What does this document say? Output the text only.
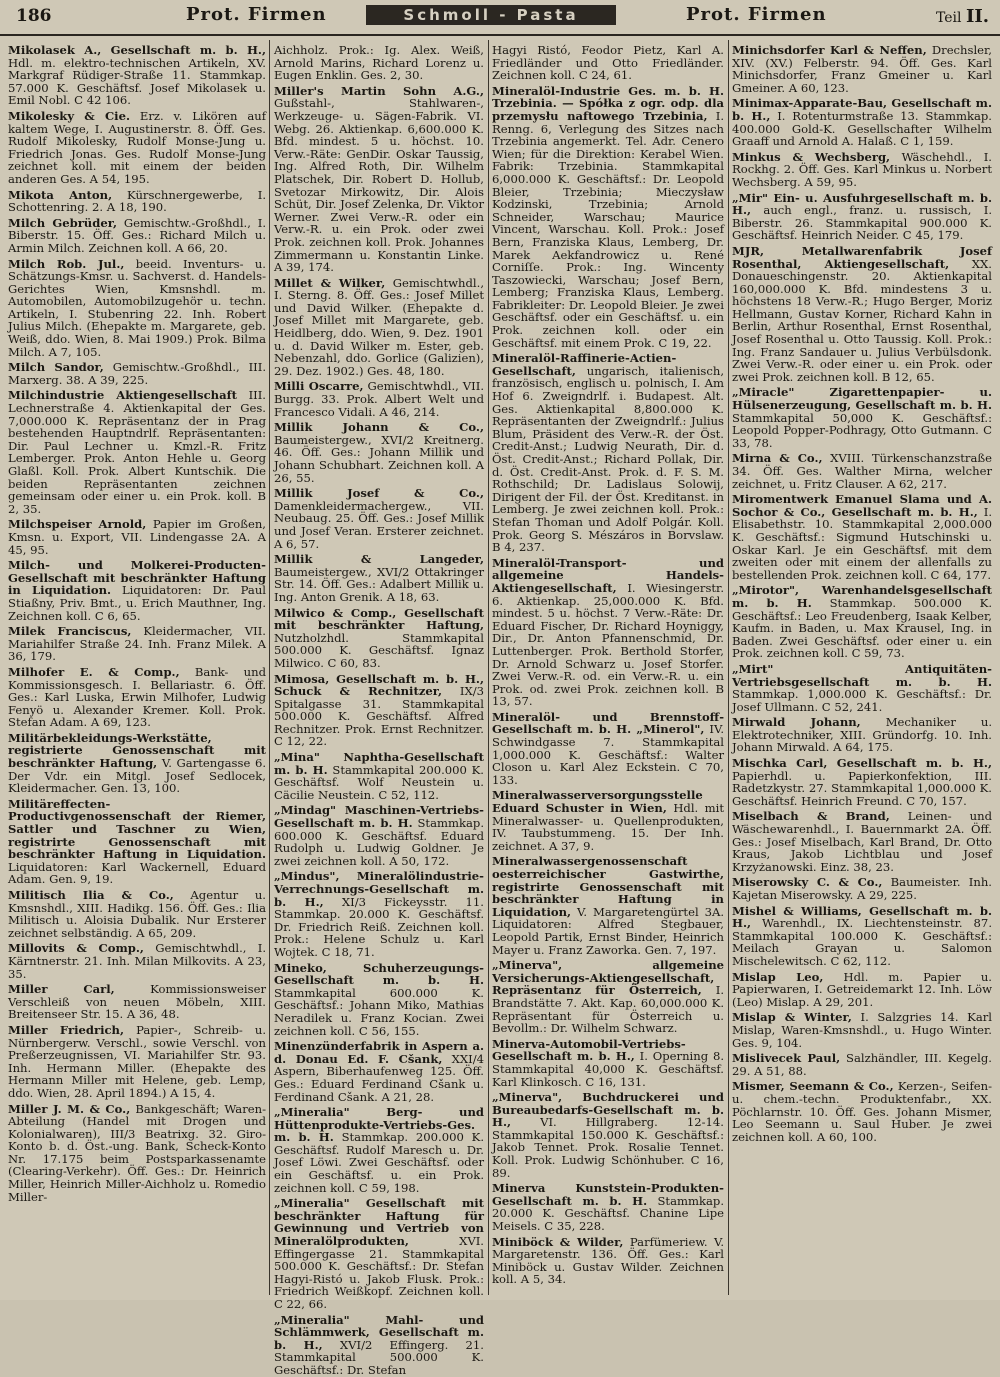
186	Prot. Firmen	Schmoll - Pasta	Prot. Firmen	Teil II.
Mikolasek A., Gesellschaft m. b. H., Hdl. m. elektro-technischen Artikeln, XV. Markgraf Rüdiger-Straße 11. Stammkap. 57.000 K. Geschäftsf. Josef Mikolasek u. Emil Nobl. C 42 106.
Mikolesky & Cie. Erz. v. Likören auf kaltem Wege, I. Augustinerstr. 8. Öff. Ges. Rudolf Mikolesky, Rudolf Monse-Jung u. Friedrich Jonas. Ges. Rudolf Monse-Jung zeichnet koll. mit einem der beiden anderen Ges. A 54, 195.
Mikota Anton, Kürschnergewerbe, I. Schottenring. 2. A 18, 190.
Milch Gebrüder, Gemischtw.-Großhdl., I. Biberstr. 15. Öff. Ges.: Richard Milch u. Armin Milch. Zeichnen koll. A 66, 20.
Milch Rob. Jul., beeid. Inventurs- u. Schätzungs-Kmsr. u. Sachverst. d. Handels-Gerichtes Wien, Kmsnshdl. m. Automobilen, Automobilzugehör u. techn. Artikeln, I. Stubenring 22. Inh. Robert Julius Milch. (Ehepakte m. Margarete, geb. Weiß, ddo. Wien, 8. Mai 1909.) Prok. Bilma Milch. A 7, 105.
Milch Sandor, Gemischtw.-Großhdl., III. Marxerg. 38. A 39, 225.
Milchindustrie Aktiengesellschaft III. Lechnerstraße 4. Aktienkapital der Ges. 7,000.000 K. Repräsentanz der in Prag bestehenden Hauptndrlf. Repräsentanten: Dir. Paul Lechner u. Kmzl.-R. Fritz Lemberger. Prok. Anton Hehle u. Georg Glaßl. Koll. Prok. Albert Kuntschik. Die beiden Repräsentanten zeichnen gemeinsam oder einer u. ein Prok. koll. B 2, 35.
Milchspeiser Arnold, Papier im Großen, Kmsn. u. Export, VII. Lindengasse 2A. A 45, 95.
Milch- und Molkerei-Producten-Gesellschaft mit beschränkter Haftung in Liquidation. Liquidatoren: Dr. Paul Stiaßny, Priv. Bmt., u. Erich Mauthner, Ing. Zeichnen koll. C 6, 65.
Milek Franciscus, Kleidermacher, VII. Mariahilfer Straße 24. Inh. Franz Milek. A 36, 179.
Milhofer E. & Comp., Bank- und Kommissionsgesch. I. Bellariastr. 6. Öff. Ges.: Karl Luska, Erwin Milhofer, Ludwig Fenyö u. Alexander Kremer. Koll. Prok. Stefan Adam. A 69, 123.
Militärbekleidungs-Werkstätte, registrierte Genossenschaft mit beschränkter Haftung, V. Gartengasse 6. Der Vdr. ein Mitgl. Josef Sedlocek, Kleidermacher. Gen. 13, 100.
Militäreffecten-Productivgenossenschaft der Riemer, Sattler und Taschner zu Wien, registrirte Genossenschaft mit beschränkter Haftung in Liquidation. Liquidatoren: Karl Wackernell, Eduard Adam. Gen. 9, 19.
Militisch Ilia & Co., Agentur u. Kmsnshdl., XIII. Hadikg. 156. Öff. Ges.: Ilia Militisch u. Aloisia Dubalik. Nur Ersterer zeichnet selbständig. A 65, 209.
Millovits & Comp., Gemischtwhdl., I. Kärntnerstr. 21. Inh. Milan Milkovits. A 23, 35.
Miller Carl,	Kommissionsweiser Verschleiß von neuen Möbeln, XIII. Breitenseer Str. 15. A 36, 48.
Miller Friedrich, Papier-, Schreib- u. Nürnbergerw. Verschl., sowie Verschl. von Preßerzeugnissen, VI. Mariahilfer Str. 93. Inh. Hermann Miller. (Ehepakte des Hermann Miller mit Helene, geb. Lemp, ddo. Wien, 28. April 1894.) A 15, 4.
Miller J. M. & Co., Bankgeschäft; Waren-Abteilung (Handel mit Drogen und Kolonialwaren), III/3 Beatrixg. 32. Giro-Konto b. d. Öst.-ung. Bank, Scheck-Konto Nr. 17.175 beim Postsparkassenamte (Clearing-Verkehr). Öff. Ges.: Dr. Heinrich Miller, Heinrich Miller-Aichholz u. Romedio Miller-
Aichholz. Prok.: Ig. Alex. Weiß, Arnold Marins, Richard Lorenz u. Eugen Enklin. Ges. 2, 30.
Miller's Martin Sohn A.G., Gußstahl-, Stahlwaren-, Werkzeuge- u. Sägen-Fabrik. VI. Webg. 26. Aktienkap. 6,600.000 K. Bfd. mindest. 5 u. höchst. 10. Verw.-Räte: GenDir. Oskar Taussig, Ing. Alfred Roth, Dir. Wilhelm Platschek, Dir. Robert D. Hollub, Svetozar Mirkowitz, Dir. Alois Schüt, Dir. Josef Zelenka, Dr. Viktor Werner. Zwei Verw.-R. oder ein Verw.-R. u. ein Prok. oder zwei Prok. zeichnen koll. Prok. Johannes Zimmermann u. Konstantin Linke. A 39, 174.
Millet & Wilker, Gemischtwhdl., I. Sterng. 8. Öff. Ges.: Josef Millet und David Wilker. (Ehepakte d. Josef Millet mit Margarete, geb. Heidlberg, ddo. Wien, 9. Dez. 1901 u. d. David Wilker m. Ester, geb. Nebenzahl, ddo. Gorlice (Galizien), 29. Dez. 1902.) Ges. 48, 180.
Milli Oscarre, Gemischtwhdl., VII. Burgg. 33. Prok. Albert Welt und Francesco Vidali. A 46, 214.
Millik Johann & Co., Baumeistergew., XVI/2 Kreitnerg. 46. Öff. Ges.: Johann Millik und Johann Schubhart. Zeichnen koll. A 26, 55.
Millik Josef & Co., Damenkleidermachergew., VII. Neubaug. 25. Öff. Ges.: Josef Millik und Josef Veran. Ersterer zeichnet. A 6, 57.
Millik & Langeder, Baumeistergew., XVI/2 Ottakringer Str. 14. Öff. Ges.: Adalbert Millik u. Ing. Anton Grenik. A 18, 63.
Milwico & Comp., Gesellschaft mit beschränkter Haftung, Nutzholzhdl. Stammkapital 500.000 K. Geschäftsf. Ignaz Milwico. C 60, 83.
Mimosa, Gesellschaft m. b. H., Schuck & Rechnitzer, IX/3 Spitalgasse 31. Stammkapital 500.000 K. Geschäftsf. Alfred Rechnitzer. Prok. Ernst Rechnitzer. C 12, 22.
„Mina" Naphtha-Gesellschaft m. b. H. Stammkapital 200.000 K. Geschäftsf. Wolf Neustein u. Cäcilie Neustein. C 52, 112.
„Mindag" Maschinen-Vertriebs-Gesellschaft m. b. H. Stammkap. 600.000 K. Geschäftsf. Eduard Rudolph u. Ludwig Goldner. Je zwei zeichnen koll. A 50, 172.
„Mindus", Mineralölindustrie-Verrechnungs-Gesellschaft m. b. H., XI/3 Fickeysstr. 11. Stammkap. 20.000 K. Geschäftsf. Dr. Friedrich Reiß. Zeichnen koll. Prok.: Helene Schulz u. Karl Wojtek. C 18, 71.
Mineko, Schuherzeugungs-Gesellschaft m. b. H. Stammkapital 600.000 K. Geschäftsf.: Johann Miko, Mathias Neradilek u. Franz Kocian. Zwei zeichnen koll. C 56, 155.
Minenzünderfabrik in Aspern a. d. Donau Ed. F. Cšank, XXI/4 Aspern, Biberhaufenweg 125. Öff. Ges.: Eduard Ferdinand Cšank u. Ferdinand Cšank. A 21, 28.
„Mineralia" Berg- und Hüttenprodukte-Vertriebs-Ges. m. b. H. Stammkap. 200.000 K. Geschäftsf. Rudolf Maresch u. Dr. Josef Löwi. Zwei Geschäftsf. oder ein Geschäftsf. u. ein Prok. zeichnen koll. C 59, 198.
„Mineralia" Gesellschaft mit beschränkter Haftung für Gewinnung und Vertrieb von Mineralölprodukten,	XVI. Effingergasse 21. Stammkapital 500.000 K. Geschäftsf.: Dr. Stefan Hagyi-Ristó u. Jakob Flusk. Prok.: Friedrich Weißkopf. Zeichnen koll. C 22, 66.
„Mineralia" Mahl- und Schlämmwerk, Gesellschaft m. b. H., XVI/2 Effingerg. 21. Stammkapital 500.000 K. Geschäftsf.: Dr. Stefan
Hagyi Ristó, Feodor Pietz, Karl A. Friedländer und Otto Friedländer. Zeichnen koll. C 24, 61.
Mineralöl-Industrie Ges. m. b. H. Trzebinia. — Spółka z ogr. odp. dla przemysłu naftowego Trzebinia, I. Renng. 6, Verlegung des Sitzes nach Trzebinia angemerkt. Tel. Adr. Cenero Wien; für die Direktion: Kerabel Wien. Fabrik: Trzebinia. Stammkapital 6,000.000 K. Geschäftsf.: Dr. Leopold Bleier, Trzebinia; Mieczysław Kodzinski, Trzebinia; Arnold Schneider, Warschau; Maurice Vincent, Warschau. Koll. Prok.: Josef Bern, Franziska Klaus, Lemberg, Dr. Marek Aekfandrowicz u. René Corniſſe. Prok.: Ing. Wincenty Taszowiecki, Warschau; Josef Bern, Lemberg; Franziska Klaus, Lemberg. Fabrikleiter: Dr. Leopold Bleier. Je zwei Geschäftsf. oder ein Geschäftsf. u. ein Prok. zeichnen koll. oder ein Geschäftsf. mit einem Prok. C 19, 22.
Mineralöl-Raffinerie-Actien-Gesellschaft, ungarisch, italienisch, französisch, englisch u. polnisch, I. Am Hof 6. Zweigndrlf. i. Budapest. Alt. Ges. Aktienkapital 8,800.000 K. Repräsentanten der Zweigndrlf.: Julius Blum, Präsident des Verw.-R. der Öst. Credit-Anst.; Ludwig Neurath, Dir. d. Öst. Credit-Anst.; Richard Pollak, Dir. d. Öst. Credit-Anst. Prok. d. F. S. M. Rothschild; Dr. Ladislaus Solowij, Dirigent der Fil. der Öst. Kreditanst. in Lemberg. Je zwei zeichnen koll. Prok.: Stefan Thoman und Adolf Polgár. Koll. Prok. Georg S. Mészáros in Borvslaw. B 4, 237.
Mineralöl-Transport- und allgemeine Handels-Aktiengesellschaft, I. Wiesingerstr. 6. Aktienkap. 25,000.000 K. Bfd. mindest. 5 u. höchst. 7 Verw.-Räte: Dr. Eduard Fischer, Dr. Richard Hoyniggy, Dir., Dr. Anton Pfannenschmid, Dr. Luttenberger. Prok. Berthold Storfer, Dr. Arnold Schwarz u. Josef Storfer. Zwei Verw.-R. od. ein Verw.-R. u. ein Prok. od. zwei Prok. zeichnen koll. B 13, 57.
Mineralöl- und Brennstoff-Gesellschaft m. b. H. „Minerol", IV. Schwindgasse 7. Stammkapital 1,000.000 K. Geschäftsf.: Walter Closon u. Karl Alez Eckstein. C 70, 133.
Mineralwasserversorgungsstelle Eduard Schuster in Wien, Hdl. mit Mineralwasser- u. Quellenprodukten, IV. Taubstummeng. 15. Der Inh. zeichnet. A 37, 9.
Mineralwassergenossenschaft oesterreichischer Gastwirthe, registrirte Genossenschaft mit beschränkter Haftung in Liquidation, V. Margaretengürtel 3A. Liquidatoren: Alfred Stegbauer, Leopold Partik, Ernst Binder, Heinrich Mayer u. Franz Zaworka. Gen. 7, 197.
„Minerva", allgemeine Versicherungs-Aktiengesellschaft, Repräsentanz für Österreich, I. Brandstätte 7. Akt. Kap. 60,000.000 K. Repräsentant für Österreich u. Bevollm.: Dr. Wilhelm Schwarz.
Minerva-Automobil-Vertriebs-Gesellschaft m. b. H., I. Operning 8. Stammkapital 40,000 K. Geschäftsf. Karl Klinkosch. C 16, 131.
„Minerva", Buchdruckerei und Bureaubedarfs-Gesellschaft m. b. H.,	VI. Hillgraberg. 12-14. Stammkapital 150.000 K. Geschäftsf.: Jakob Tennet. Prok. Rosalie Tennet. Koll. Prok. Ludwig Schönhuber. C 16, 89.
Minerva Kunststein-Produkten-Gesellschaft m. b. H. Stammkap. 20.000 K. Geschäftsf. Chanine Lipe Meisels. C 35, 228.
Miniböck & Wilder, Parfümeriew. V. Margaretenstr. 136. Öff. Ges.: Karl Miniböck u. Gustav Wilder. Zeichnen koll. A 5, 34.
Minichsdorfer Karl & Neffen, Drechsler, XIV. (XV.) Felberstr. 94. Öff. Ges. Karl Minichsdorfer, Franz Gmeiner u. Karl Gmeiner. A 60, 123.
Minimax-Apparate-Bau, Gesellschaft m. b. H., I. Rotenturmstraße 13. Stammkap. 400.000 Gold-K. Gesellschafter Wilhelm Graaff und Arnold A. Halaß. C 1, 159.
Minkus & Wechsberg, Wäschehdl., I. Rockhg. 2. Öff. Ges. Karl Minkus u. Norbert Wechsberg. A 59, 95.
„Mir" Ein- u. Ausfuhrgesellschaft m. b. H., auch engl., franz. u. russisch, I. Biberstr. 26. Stammkapital 900.000 K. Geschäftsf. Heinrich Neider. C 45, 179.
MJR, Metallwarenfabrik Josef Rosenthal, Aktiengesellschaft, XX. Donaueschingenstr. 20. Aktienkapital 160,000.000 K. Bfd. mindestens 3 u. höchstens 18 Verw.-R.; Hugo Berger, Moriz Hellmann, Gustav Korner, Richard Kahn in Berlin, Arthur Rosenthal, Ernst Rosenthal, Josef Rosenthal u. Otto Taussig. Koll. Prok.: Ing. Franz Sandauer u. Julius Verbülsdonk. Zwei Verw.-R. oder einer u. ein Prok. oder zwei Prok. zeichnen koll. B 12, 65.
„Miracle" Zigarettenpapier- u. Hülsenerzeugung, Gesellschaft m. b. H. Stammkapital 50,000 K. Geschäftsf.: Leopold Popper-Podhragy, Otto Gutmann. C 33, 78.
Mirna & Co., XVIII. Türkenschanzstraße 34. Öff. Ges. Walther Mirna, welcher zeichnet, u. Fritz Clauser. A 62, 217.
Miromentwerk Emanuel Slama und A. Sochor & Co., Gesellschaft m. b. H., I. Elisabethstr. 10. Stammkapital 2,000.000 K. Geschäftsf.: Sigmund Hutschinski u. Oskar Karl. Je ein Geschäftsf. mit dem zweiten oder mit einem der allenfalls zu bestellenden Prok. zeichnen koll. C 64, 177.
„Mirotor", Warenhandelsgesellschaft m. b. H. Stammkap. 500.000 K. Geschäftsf.: Leo Freudenberg, Isaak Kelber, Kaufm. in Baden, u. Max Krausel, Ing. in Baden. Zwei Geschäftsf. oder einer u. ein Prok. zeichnen koll. C 59, 73.
„Mirt" Antiquitäten-Vertriebsgesellschaft m. b. H. Stammkap. 1,000.000 K. Geschäftsf.: Dr. Josef Ullmann. C 52, 241.
Mirwald Johann, Mechaniker u. Elektrotechniker, XIII. Gründorfg. 10. Inh. Johann Mirwald. A 64, 175.
Mischka Carl, Gesellschaft m. b. H., Papierhdl. u. Papierkonfektion, III. Radetzkystr. 27. Stammkapital 1,000.000 K. Geschäftsf. Heinrich Freund. C 70, 157.
Miselbach & Brand, Leinen- und Wäschewarenhdl., I. Bauernmarkt 2A. Öff. Ges.: Josef Miselbach, Karl Brand, Dr. Otto Kraus, Jakob Lichtblau und Josef Krzyżanowski. Einz. 38, 23.
Miserowsky C. & Co., Baumeister. Inh. Kajetan Miserowsky. A 29, 225.
Mishel & Williams, Gesellschaft m. b. H., Warenhdl., IX. Liechtensteinstr. 87. Stammkapital 100.000 K. Geschäftsf.: Meilach Grayan u. Salomon Mischelewitsch. C 62, 112.
Mislap Leo, Hdl. m. Papier u. Papierwaren, I. Getreidemarkt 12. Inh. Löw (Leo) Mislap. A 29, 201.
Mislap & Winter, I. Salzgries 14. Karl Mislap, Waren-Kmsnshdl., u. Hugo Winter. Ges. 9, 104.
Mislivecek Paul, Salzhändler, III. Kegelg. 29. A 51, 88.
Mismer, Seemann & Co., Kerzen-, Seifen- u. chem.-techn. Produktenfabr., XX. Pöchlarnstr. 10. Öff. Ges. Johann Mismer, Leo Seemann u. Saul Huber. Je zwei zeichnen koll. A 60, 100.
